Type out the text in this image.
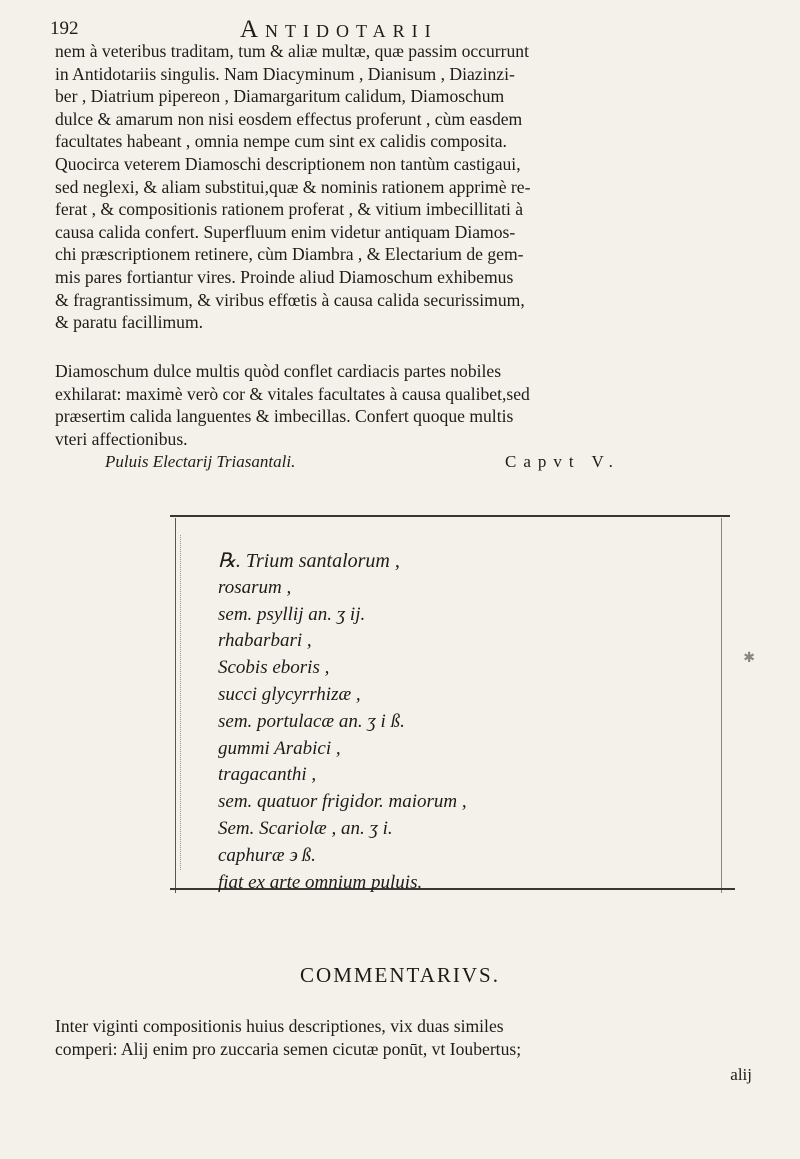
192	Antidotarii
nem à veteribus traditam, tum & aliæ multæ, quæ passim occurrunt
in Antidotariis singulis. Nam Diacyminum , Dianisum , Diazinzi-
ber , Diatrium pipereon , Diamargaritum calidum, Diamoschum
dulce & amarum non nisi eosdem effectus proferunt , cùm easdem
facultates habeant , omnia nempe cum sint ex calidis composita.
Quocirca veterem Diamoschi descriptionem non tantùm castigaui,
sed neglexi, & aliam substitui,quæ & nominis rationem apprimè re-
ferat , & compositionis rationem proferat , & vitium imbecillitati à
causa calida confert. Superfluum enim videtur antiquam Diamos-
chi præscriptionem retinere, cùm Diambra , & Electarium de gem-
mis pares fortiantur vires. Proinde aliud Diamoschum exhibemus
& fragrantissimum, & viribus effœtis à causa calida securissimum,
& paratu facillimum.
Diamoschum dulce multis quòd conflet cardiacis partes nobiles
exhilarat: maximè verò cor & vitales facultates à causa qualibet,sed
præsertim calida languentes & imbecillas. Confert quoque multis
vteri affectionibus.
Puluis Electarij Triasantali.	Capvt V.
℞. Trium santalorum ,
rosarum ,
sem. psyllij an. ʒ ij.
rhabarbari ,
Scobis eboris ,
succi glycyrrhizæ ,
sem. portulacæ an. ʒ i ß.
gummi Arabici ,
tragacanthi ,
sem. quatuor frigidor. maiorum ,
Sem. Scariolæ , an. ʒ i.
caphuræ ϶ ß.
fiat ex arte omnium puluis.
✱
COMMENTARIVS.
Inter viginti compositionis huius descriptiones, vix duas similes
comperi: Alij enim pro zuccaria semen cicutæ ponūt, vt Ioubertus;
alij
